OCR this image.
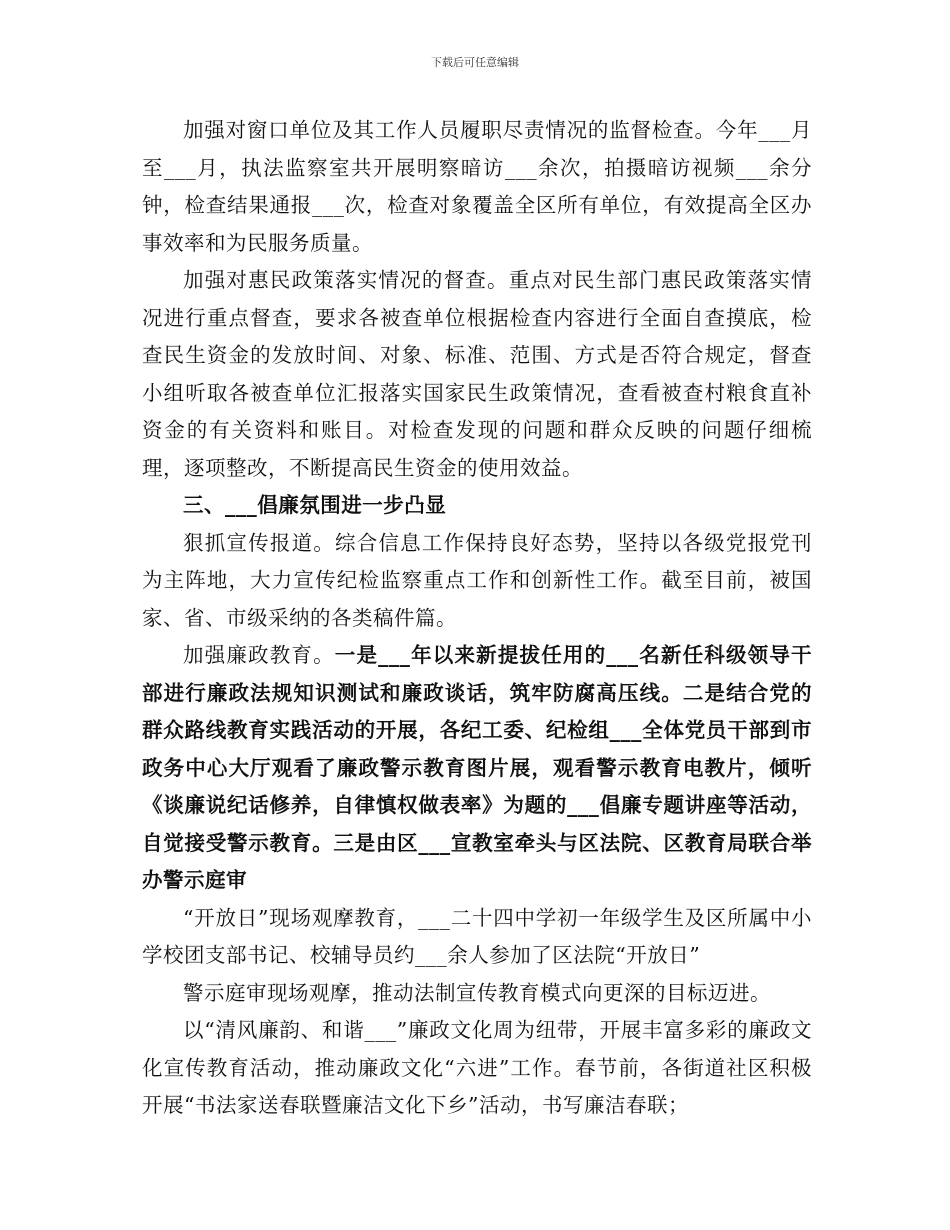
下载后可任意编辑

加强对窗口单位及其工作人员履职尽责情况的监督检查。今年___月至___月，执法监察室共开展明察暗访___余次，拍摄暗访视频___余分钟，检查结果通报___次，检查对象覆盖全区所有单位，有效提高全区办事效率和为民服务质量。

加强对惠民政策落实情况的督查。重点对民生部门惠民政策落实情况进行重点督查，要求各被查单位根据检查内容进行全面自查摸底，检查民生资金的发放时间、对象、标准、范围、方式是否符合规定，督查小组听取各被查单位汇报落实国家民生政策情况，查看被查村粮食直补资金的有关资料和账目。对检查发现的问题和群众反映的问题仔细梳理，逐项整改，不断提高民生资金的使用效益。

三、___倡廉氛围进一步凸显

狠抓宣传报道。综合信息工作保持良好态势，坚持以各级党报党刊为主阵地，大力宣传纪检监察重点工作和创新性工作。截至目前，被国家、省、市级采纳的各类稿件篇。

加强廉政教育。一是___年以来新提拔任用的___名新任科级领导干部进行廉政法规知识测试和廉政谈话，筑牢防腐高压线。二是结合党的群众路线教育实践活动的开展，各纪工委、纪检组___全体党员干部到市政务中心大厅观看了廉政警示教育图片展，观看警示教育电教片，倾听《谈廉说纪话修养，自律慎权做表率》为题的___倡廉专题讲座等活动，自觉接受警示教育。三是由区___宣教室牵头与区法院、区教育局联合举办警示庭审

“开放日”现场观摩教育，___二十四中学初一年级学生及区所属中小学校团支部书记、校辅导员约___余人参加了区法院“开放日”

警示庭审现场观摩，推动法制宣传教育模式向更深的目标迈进。

以“清风廉韵、和谐___”廉政文化周为纽带，开展丰富多彩的廉政文化宣传教育活动，推动廉政文化“六进”工作。春节前，各街道社区积极开展“书法家送春联暨廉洁文化下乡”活动，书写廉洁春联；
